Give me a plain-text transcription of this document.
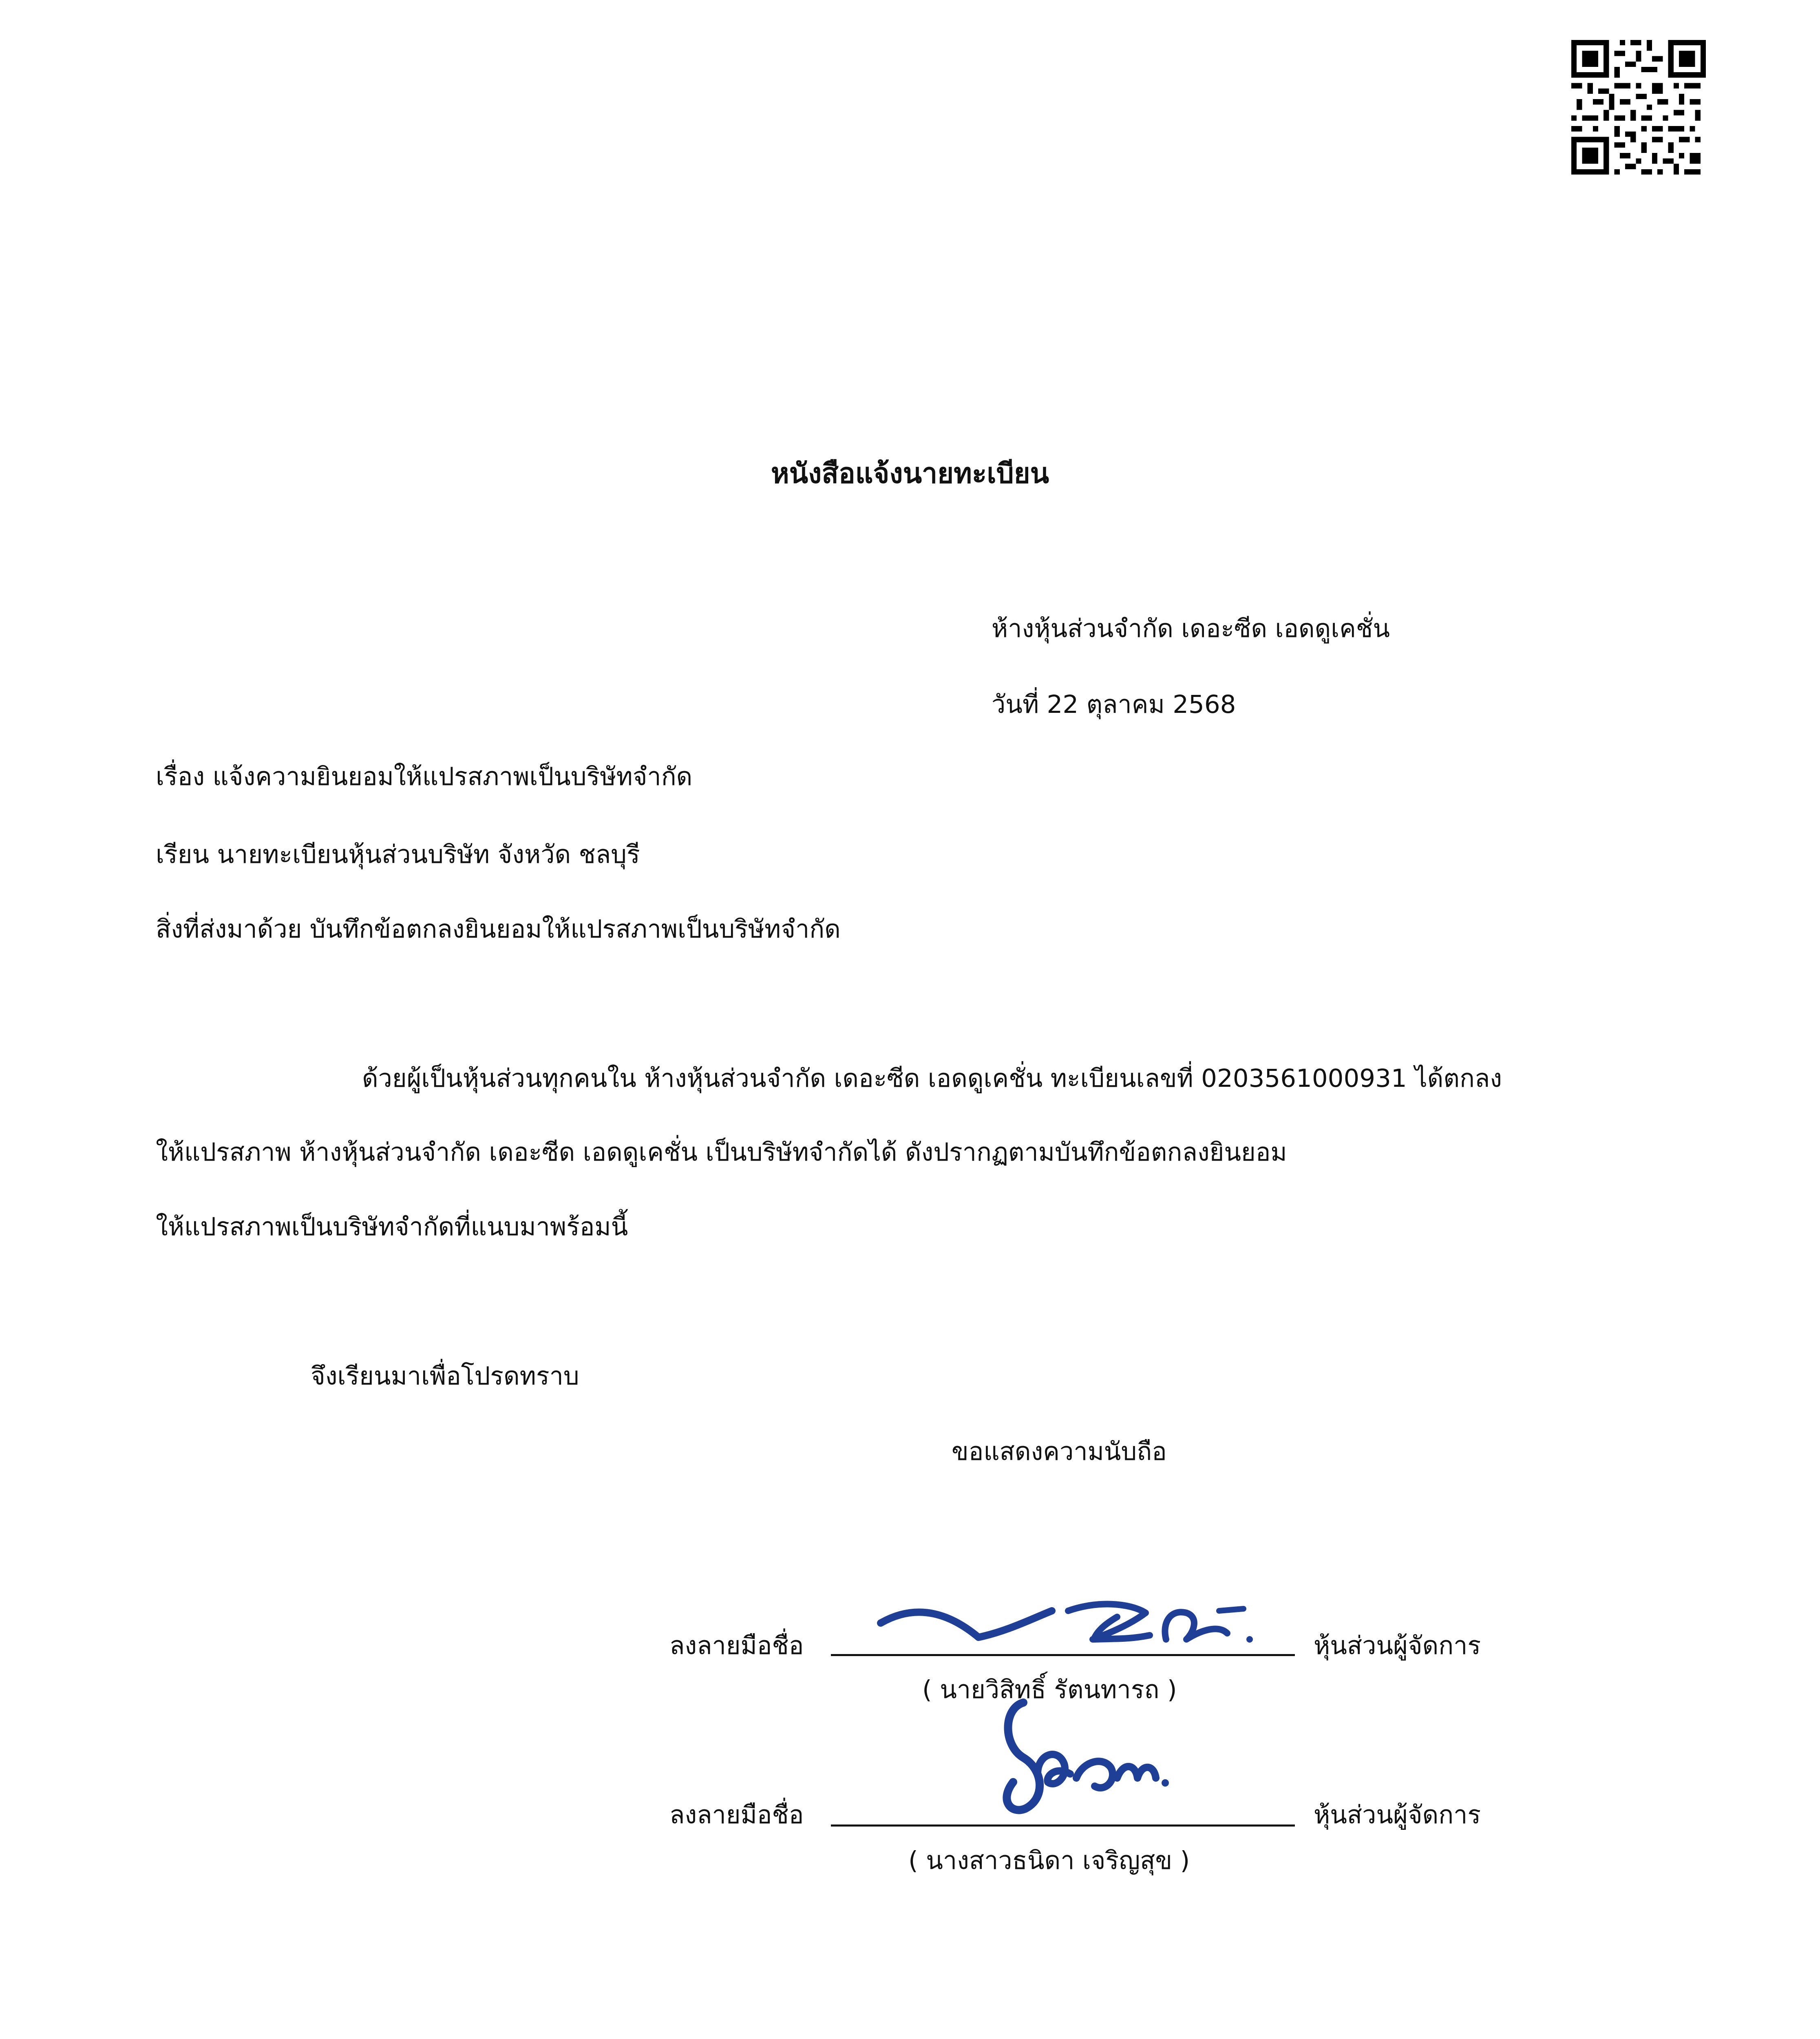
หนังสือแจ้งนายทะเบียน
ห้างหุ้นส่วนจำกัด เดอะซีด เอดดูเคชั่น
วันที่ 22 ตุลาคม 2568
เรื่อง แจ้งความยินยอมให้แปรสภาพเป็นบริษัทจำกัด
เรียน นายทะเบียนหุ้นส่วนบริษัท จังหวัด ชลบุรี
สิ่งที่ส่งมาด้วย บันทึกข้อตกลงยินยอมให้แปรสภาพเป็นบริษัทจำกัด
ด้วยผู้เป็นหุ้นส่วนทุกคนใน ห้างหุ้นส่วนจำกัด เดอะซีด เอดดูเคชั่น ทะเบียนเลขที่ 0203561000931 ได้ตกลง
ให้แปรสภาพ ห้างหุ้นส่วนจำกัด เดอะซีด เอดดูเคชั่น เป็นบริษัทจำกัดได้ ดังปรากฏตามบันทึกข้อตกลงยินยอม
ให้แปรสภาพเป็นบริษัทจำกัดที่แนบมาพร้อมนี้
จึงเรียนมาเพื่อโปรดทราบ
ขอแสดงความนับถือ
ลงลายมือชื่อ	หุ้นส่วนผู้จัดการ
( นายวิสิทธิ์ รัตนทารถ )
ลงลายมือชื่อ	หุ้นส่วนผู้จัดการ
( นางสาวธนิดา เจริญสุข )
